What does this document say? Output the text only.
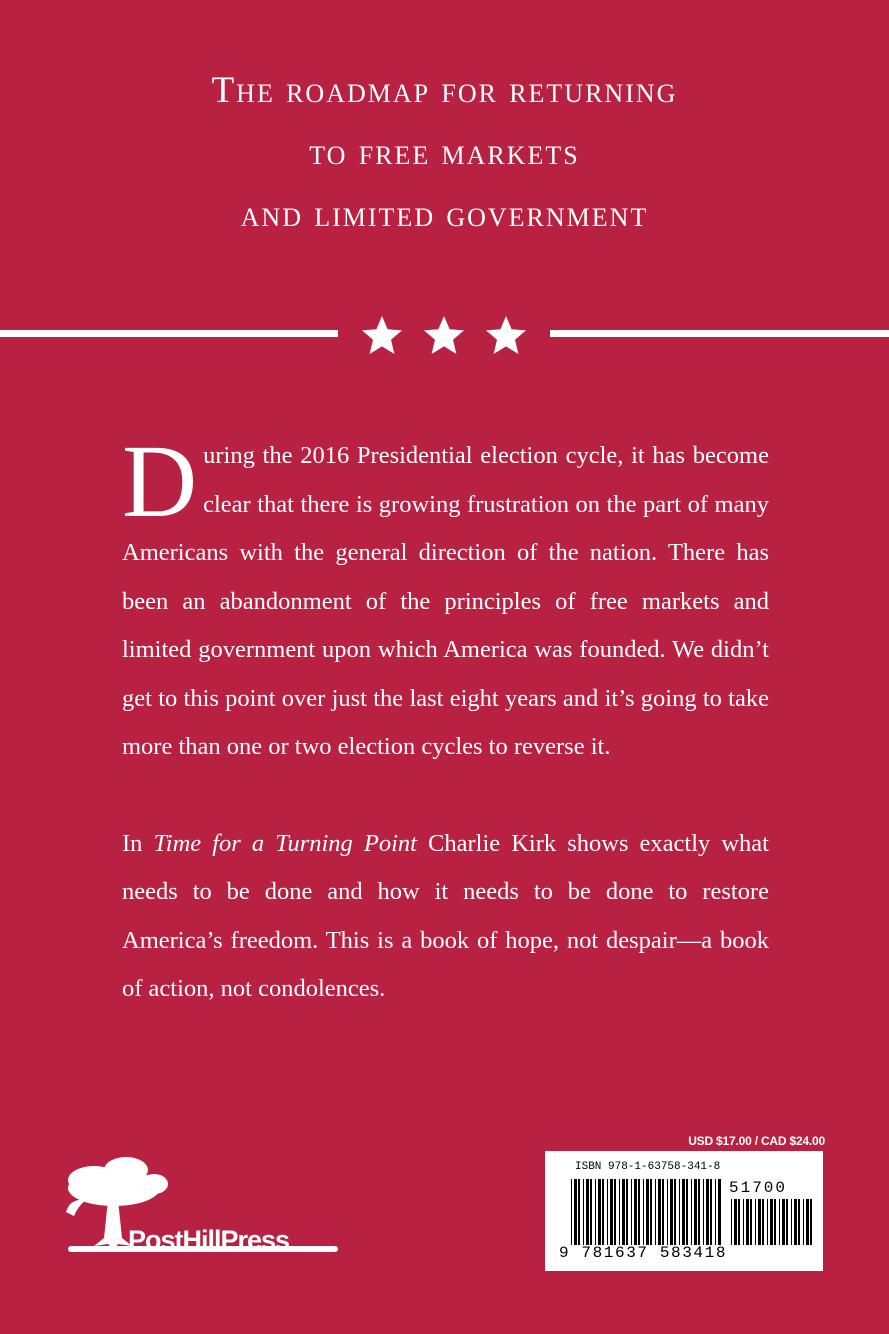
The roadmap for returning
to free markets
and limited government

During the 2016 Presidential election cycle, it has become clear that there is growing frustration on the part of many Americans with the general direction of the nation. There has been an abandonment of the principles of free markets and limited government upon which America was founded. We didn’t get to this point over just the last eight years and it’s going to take more than one or two election cycles to reverse it.

In Time for a Turning Point Charlie Kirk shows exactly what needs to be done and how it needs to be done to restore America’s freedom. This is a book of hope, not despair—a book of action, not condolences.

PostHillPress
USD $17.00 / CAD $24.00
ISBN 978-1-63758-341-8
51700
9 781637 583418
